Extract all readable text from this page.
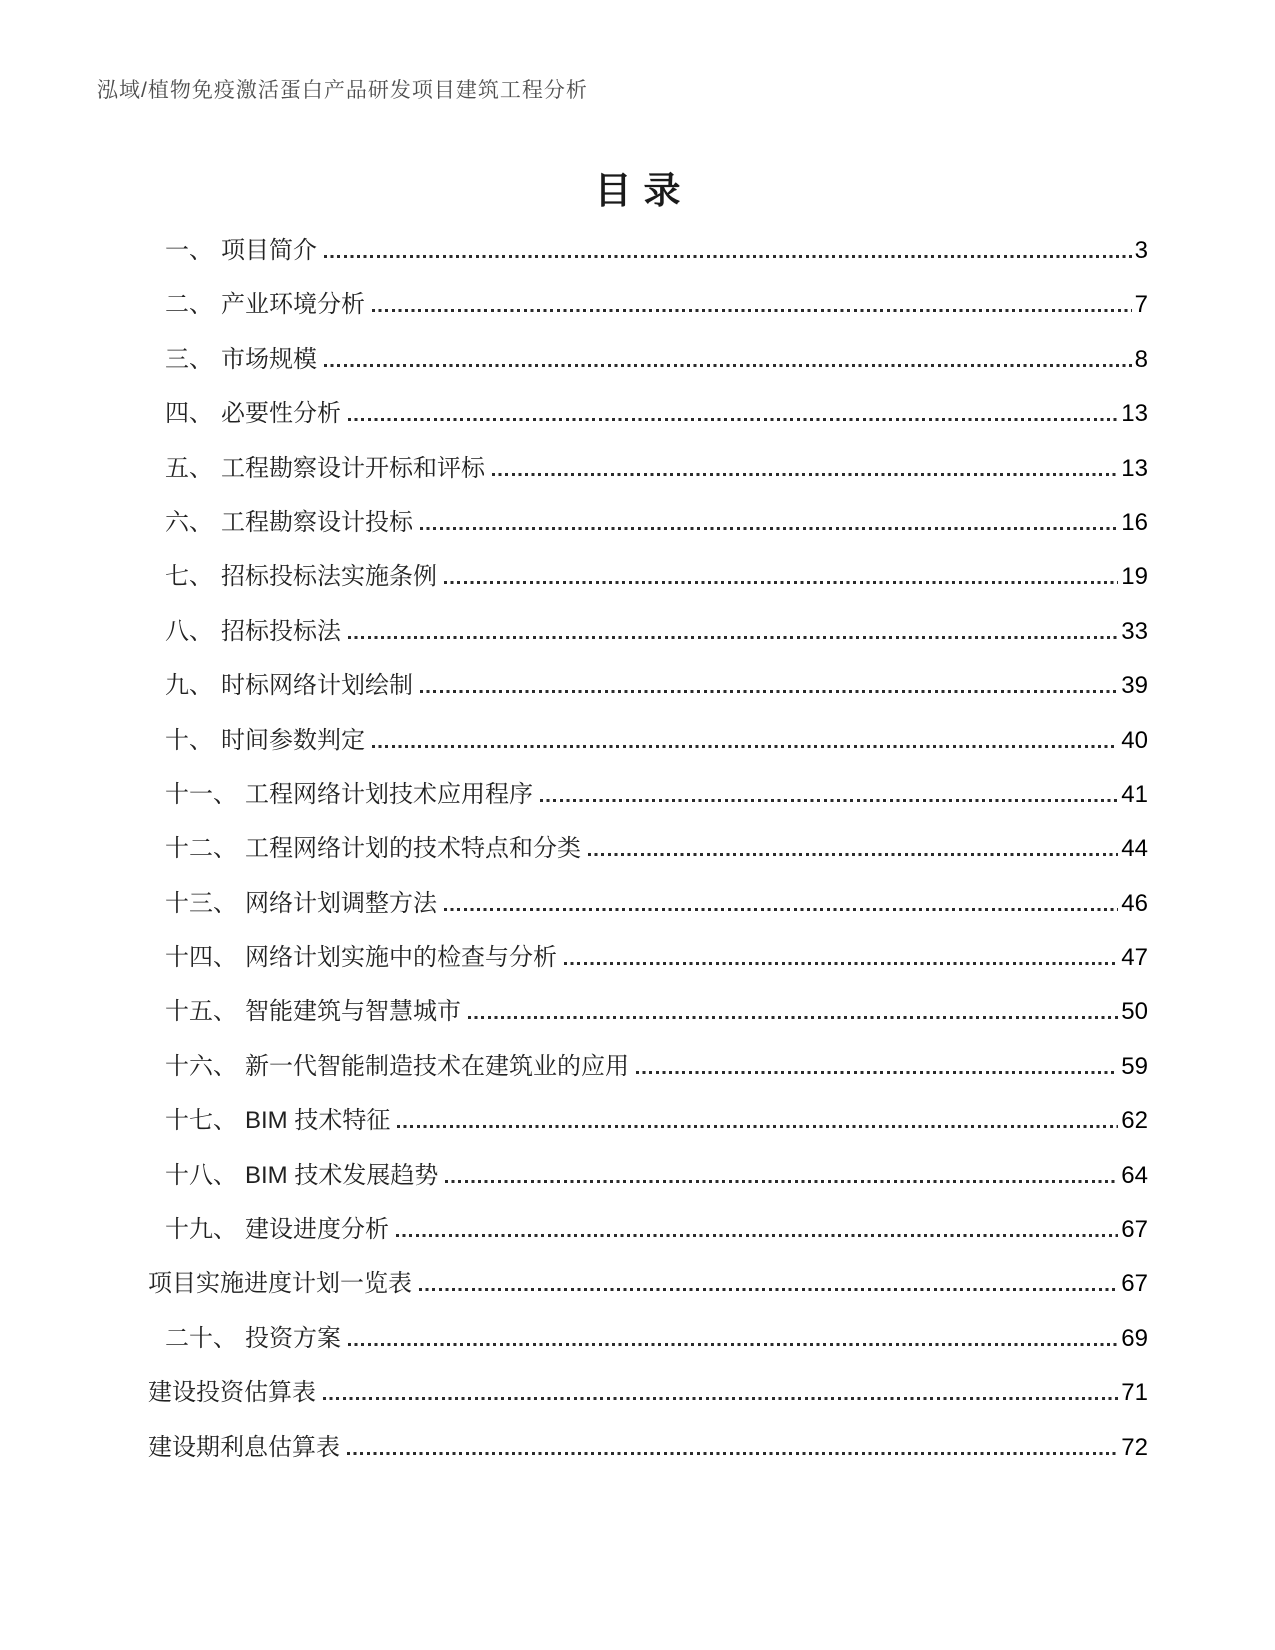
泓域/植物免疫激活蛋白产品研发项目建筑工程分析
目录
一、 项目简介	3
二、 产业环境分析	7
三、 市场规模	8
四、 必要性分析	13
五、 工程勘察设计开标和评标	13
六、 工程勘察设计投标	16
七、 招标投标法实施条例	19
八、 招标投标法	33
九、 时标网络计划绘制	39
十、 时间参数判定	40
十一、 工程网络计划技术应用程序	41
十二、 工程网络计划的技术特点和分类	44
十三、 网络计划调整方法	46
十四、 网络计划实施中的检查与分析	47
十五、 智能建筑与智慧城市	50
十六、 新一代智能制造技术在建筑业的应用	59
十七、 BIM 技术特征	62
十八、 BIM 技术发展趋势	64
十九、 建设进度分析	67
项目实施进度计划一览表	67
二十、 投资方案	69
建设投资估算表	71
建设期利息估算表	72
